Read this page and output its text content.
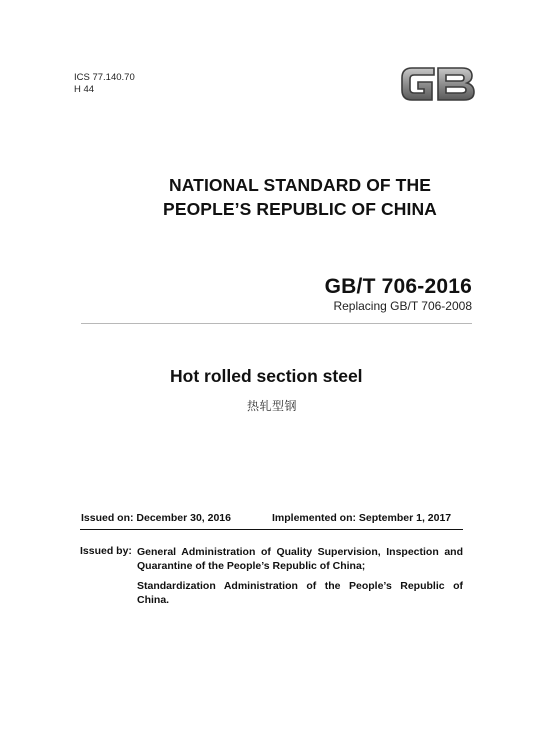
ICS 77.140.70
H 44
NATIONAL STANDARD OF THE
PEOPLE’S REPUBLIC OF CHINA
GB/T 706-2016
Replacing GB/T 706-2008
Hot rolled section steel
热轧型钢
Issued on: December 30, 2016	Implemented on: September 1, 2017
Issued by: General Administration of Quality Supervision, Inspection and Quarantine of the People’s Republic of China;

Standardization Administration of the People’s Republic of China.
